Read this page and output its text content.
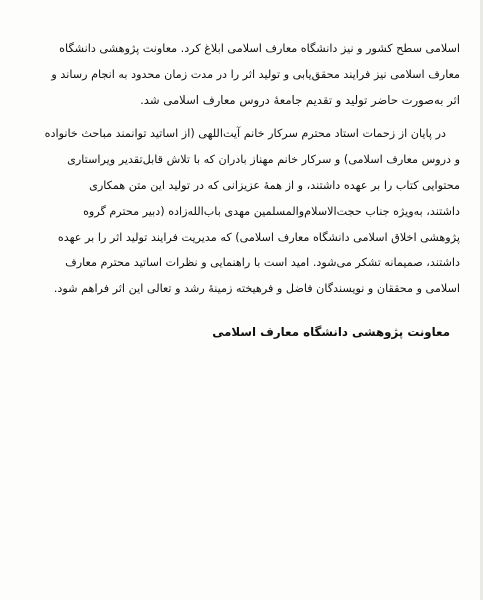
اسلامی سطح کشور و نیز دانشگاه معارف اسلامی ابلاغ کرد. معاونت پژوهشی دانشگاه
معارف اسلامی نیز فرایند محقق‌یابی و تولید اثر را در مدت زمان محدود به انجام رساند و
اثر به‌صورت حاضر تولید و تقدیم جامعهٔ دروس معارف اسلامی شد.
در پایان از زحمات استاد محترم سرکار خانم آیت‌اللهی (از اساتید توانمند مباحث خانواده
و دروس معارف اسلامی) و سرکار خانم مهناز بادران که با تلاش قابل‌تقدیر ویراستاری
محتوایی کتاب را بر عهده داشتند، و از همهٔ عزیزانی که در تولید این متن همکاری
داشتند، به‌ویژه جناب حجت‌الاسلام‌والمسلمین مهدی باب‌الله‌زاده (دبیر محترم گروه
پژوهشی اخلاق اسلامی دانشگاه معارف اسلامی) که مدیریت فرایند تولید اثر را بر عهده
داشتند، صمیمانه تشکر می‌شود. امید است با راهنمایی و نظرات اساتید محترم معارف
اسلامی و محققان و نویسندگان فاضل و فرهیخته زمینهٔ رشد و تعالی این اثر فراهم شود.
معاونت پژوهشی دانشگاه معارف اسلامی
